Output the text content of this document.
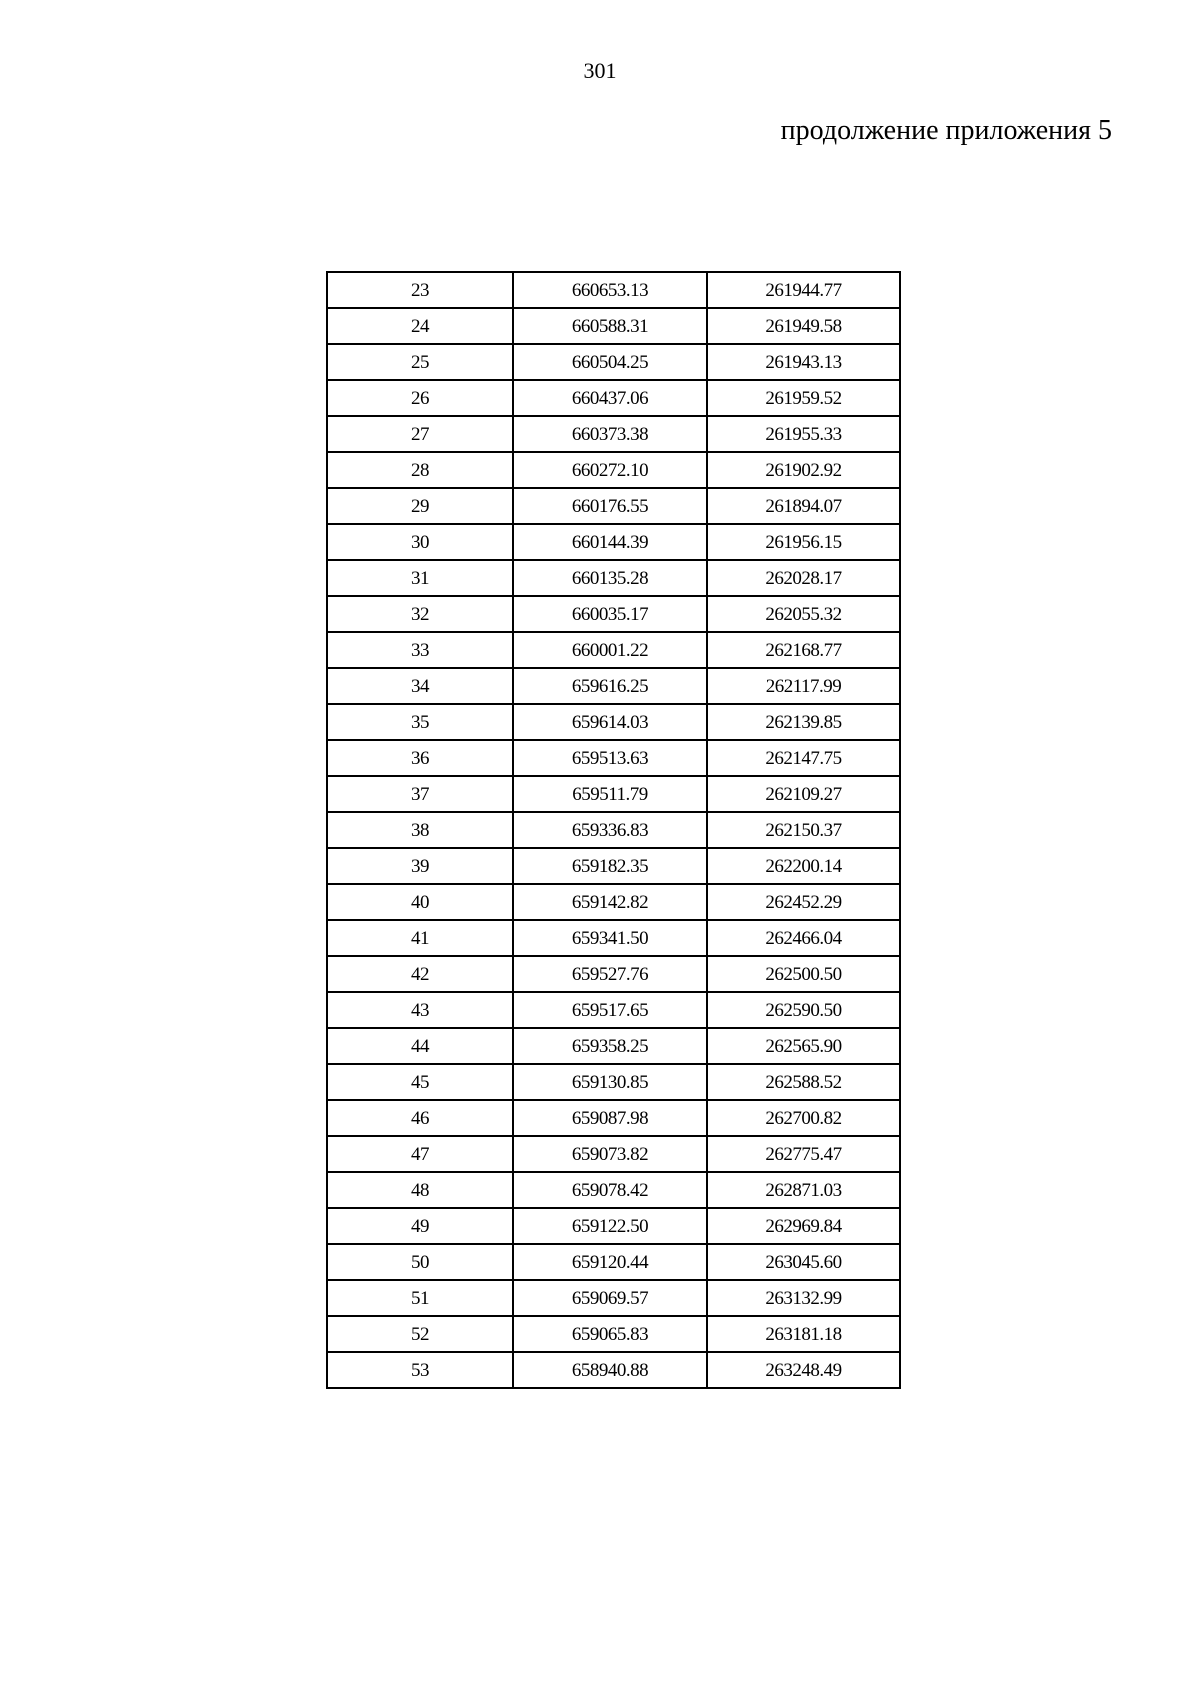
301
продолжение приложения 5
23	660653.13	261944.77
24	660588.31	261949.58
25	660504.25	261943.13
26	660437.06	261959.52
27	660373.38	261955.33
28	660272.10	261902.92
29	660176.55	261894.07
30	660144.39	261956.15
31	660135.28	262028.17
32	660035.17	262055.32
33	660001.22	262168.77
34	659616.25	262117.99
35	659614.03	262139.85
36	659513.63	262147.75
37	659511.79	262109.27
38	659336.83	262150.37
39	659182.35	262200.14
40	659142.82	262452.29
41	659341.50	262466.04
42	659527.76	262500.50
43	659517.65	262590.50
44	659358.25	262565.90
45	659130.85	262588.52
46	659087.98	262700.82
47	659073.82	262775.47
48	659078.42	262871.03
49	659122.50	262969.84
50	659120.44	263045.60
51	659069.57	263132.99
52	659065.83	263181.18
53	658940.88	263248.49
